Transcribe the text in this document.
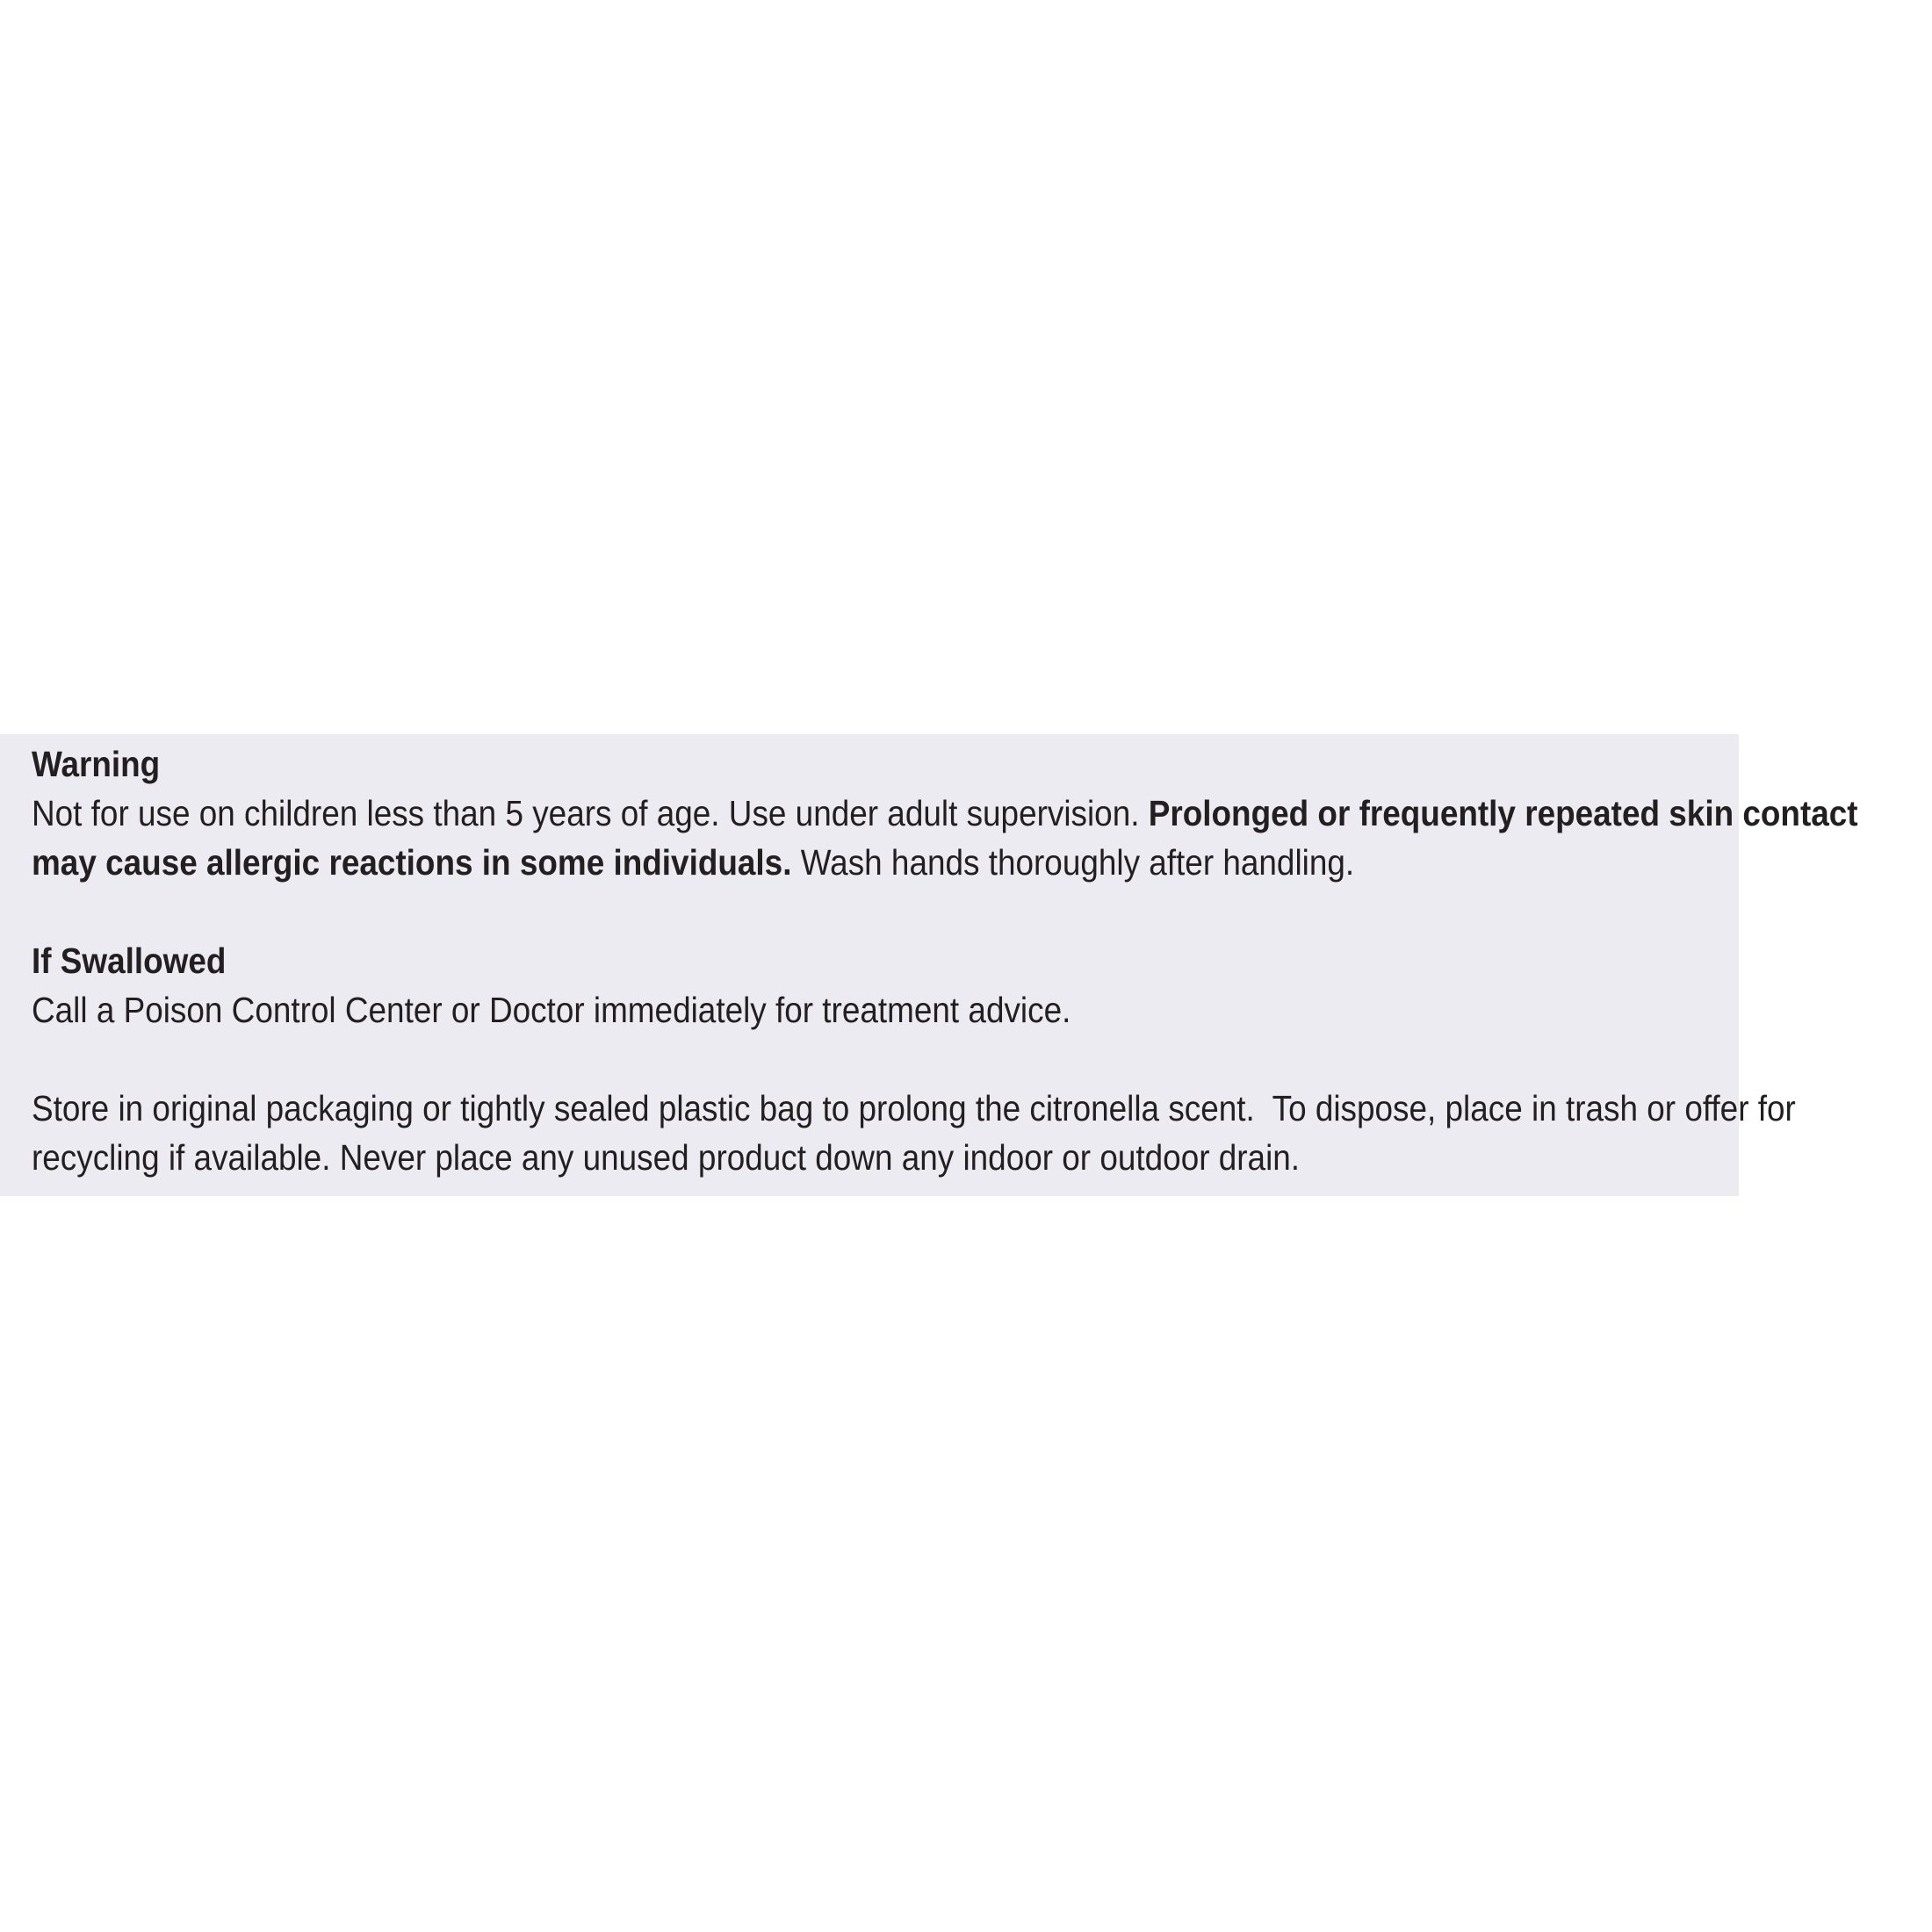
Warning
Not for use on children less than 5 years of age. Use under adult supervision. Prolonged or frequently repeated skin contact
may cause allergic reactions in some individuals. Wash hands thoroughly after handling.
If Swallowed
Call a Poison Control Center or Doctor immediately for treatment advice.
Store in original packaging or tightly sealed plastic bag to prolong the citronella scent.  To dispose, place in trash or offer for
recycling if available. Never place any unused product down any indoor or outdoor drain.
